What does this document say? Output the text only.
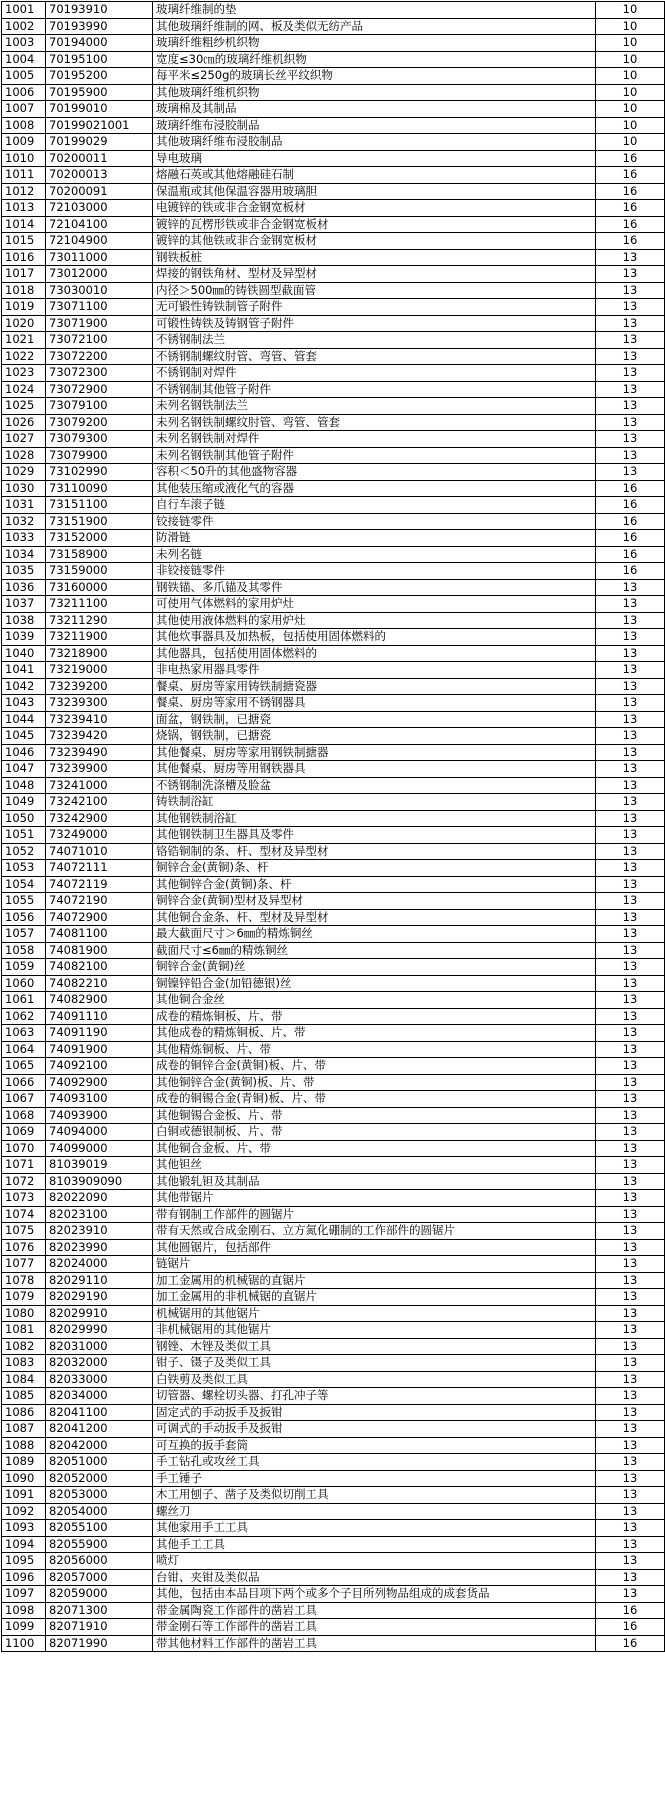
1001	70193910	玻璃纤维制的垫	10
1002	70193990	其他玻璃纤维制的网、板及类似无纺产品	10
1003	70194000	玻璃纤维粗纱机织物	10
1004	70195100	宽度≤30㎝的玻璃纤维机织物	10
1005	70195200	每平米≤250g的玻璃长丝平纹织物	10
1006	70195900	其他玻璃纤维机织物	10
1007	70199010	玻璃棉及其制品	10
1008	70199021001	玻璃纤维布浸胶制品	10
1009	70199029	其他玻璃纤维布浸胶制品	10
1010	70200011	导电玻璃	16
1011	70200013	熔融石英或其他熔融硅石制	16
1012	70200091	保温瓶或其他保温容器用玻璃胆	16
1013	72103000	电镀锌的铁或非合金钢宽板材	16
1014	72104100	镀锌的瓦楞形铁或非合金钢宽板材	16
1015	72104900	镀锌的其他铁或非合金钢宽板材	16
1016	73011000	钢铁板桩	13
1017	73012000	焊接的钢铁角材、型材及异型材	13
1018	73030010	内径＞500㎜的铸铁圆型截面管	13
1019	73071100	无可锻性铸铁制管子附件	13
1020	73071900	可锻性铸铁及铸钢管子附件	13
1021	73072100	不锈钢制法兰	13
1022	73072200	不锈钢制螺纹肘管、弯管、管套	13
1023	73072300	不锈钢制对焊件	13
1024	73072900	不锈钢制其他管子附件	13
1025	73079100	未列名钢铁制法兰	13
1026	73079200	未列名钢铁制螺纹肘管、弯管、管套	13
1027	73079300	未列名钢铁制对焊件	13
1028	73079900	未列名钢铁制其他管子附件	13
1029	73102990	容积＜50升的其他盛物容器	13
1030	73110090	其他装压缩或液化气的容器	16
1031	73151100	自行车滚子链	16
1032	73151900	铰接链零件	16
1033	73152000	防滑链	16
1034	73158900	未列名链	16
1035	73159000	非铰接链零件	16
1036	73160000	钢铁锚、多爪锚及其零件	13
1037	73211100	可使用气体燃料的家用炉灶	13
1038	73211290	其他使用液体燃料的家用炉灶	13
1039	73211900	其他炊事器具及加热板，包括使用固体燃料的	13
1040	73218900	其他器具，包括使用固体燃料的	13
1041	73219000	非电热家用器具零件	13
1042	73239200	餐桌、厨房等家用铸铁制搪瓷器	13
1043	73239300	餐桌、厨房等家用不锈钢器具	13
1044	73239410	面盆，钢铁制，已搪瓷	13
1045	73239420	烧锅，钢铁制，已搪瓷	13
1046	73239490	其他餐桌、厨房等家用钢铁制搪器	13
1047	73239900	其他餐桌、厨房等用钢铁器具	13
1048	73241000	不锈钢制洗涤槽及脸盆	13
1049	73242100	铸铁制浴缸	13
1050	73242900	其他钢铁制浴缸	13
1051	73249000	其他钢铁制卫生器具及零件	13
1052	74071010	铬锆铜制的条、杆、型材及异型材	13
1053	74072111	铜锌合金(黄铜)条、杆	13
1054	74072119	其他铜锌合金(黄铜)条、杆	13
1055	74072190	铜锌合金(黄铜)型材及异型材	13
1056	74072900	其他铜合金条、杆、型材及异型材	13
1057	74081100	最大截面尺寸＞6㎜的精炼铜丝	13
1058	74081900	截面尺寸≤6㎜的精炼铜丝	13
1059	74082100	铜锌合金(黄铜)丝	13
1060	74082210	铜镍锌铅合金(加铅德银)丝	13
1061	74082900	其他铜合金丝	13
1062	74091110	成卷的精炼铜板、片、带	13
1063	74091190	其他成卷的精炼铜板、片、带	13
1064	74091900	其他精炼铜板、片、带	13
1065	74092100	成卷的铜锌合金(黄铜)板、片、带	13
1066	74092900	其他铜锌合金(黄铜)板、片、带	13
1067	74093100	成卷的铜锡合金(青铜)板、片、带	13
1068	74093900	其他铜锡合金板、片、带	13
1069	74094000	白铜或德银制板、片、带	13
1070	74099000	其他铜合金板、片、带	13
1071	81039019	其他钽丝	13
1072	8103909090	其他锻轧钽及其制品	13
1073	82022090	其他带锯片	13
1074	82023100	带有钢制工作部件的圆锯片	13
1075	82023910	带有天然或合成金刚石、立方氮化硼制的工作部件的圆锯片	13
1076	82023990	其他圆锯片，包括部件	13
1077	82024000	链锯片	13
1078	82029110	加工金属用的机械锯的直锯片	13
1079	82029190	加工金属用的非机械锯的直锯片	13
1080	82029910	机械锯用的其他锯片	13
1081	82029990	非机械锯用的其他锯片	13
1082	82031000	钢锉、木锉及类似工具	13
1083	82032000	钳子、镊子及类似工具	13
1084	82033000	白铁剪及类似工具	13
1085	82034000	切管器、螺栓切头器、打孔冲子等	13
1086	82041100	固定式的手动扳手及扳钳	13
1087	82041200	可调式的手动扳手及扳钳	13
1088	82042000	可互换的扳手套筒	13
1089	82051000	手工钻孔或攻丝工具	13
1090	82052000	手工锤子	13
1091	82053000	木工用刨子、凿子及类似切削工具	13
1092	82054000	螺丝刀	13
1093	82055100	其他家用手工工具	13
1094	82055900	其他手工工具	13
1095	82056000	喷灯	13
1096	82057000	台钳、夹钳及类似品	13
1097	82059000	其他，包括由本品目项下两个或多个子目所列物品组成的成套货品	13
1098	82071300	带金属陶瓷工作部件的凿岩工具	16
1099	82071910	带金刚石等工作部件的凿岩工具	16
1100	82071990	带其他材料工作部件的凿岩工具	16
